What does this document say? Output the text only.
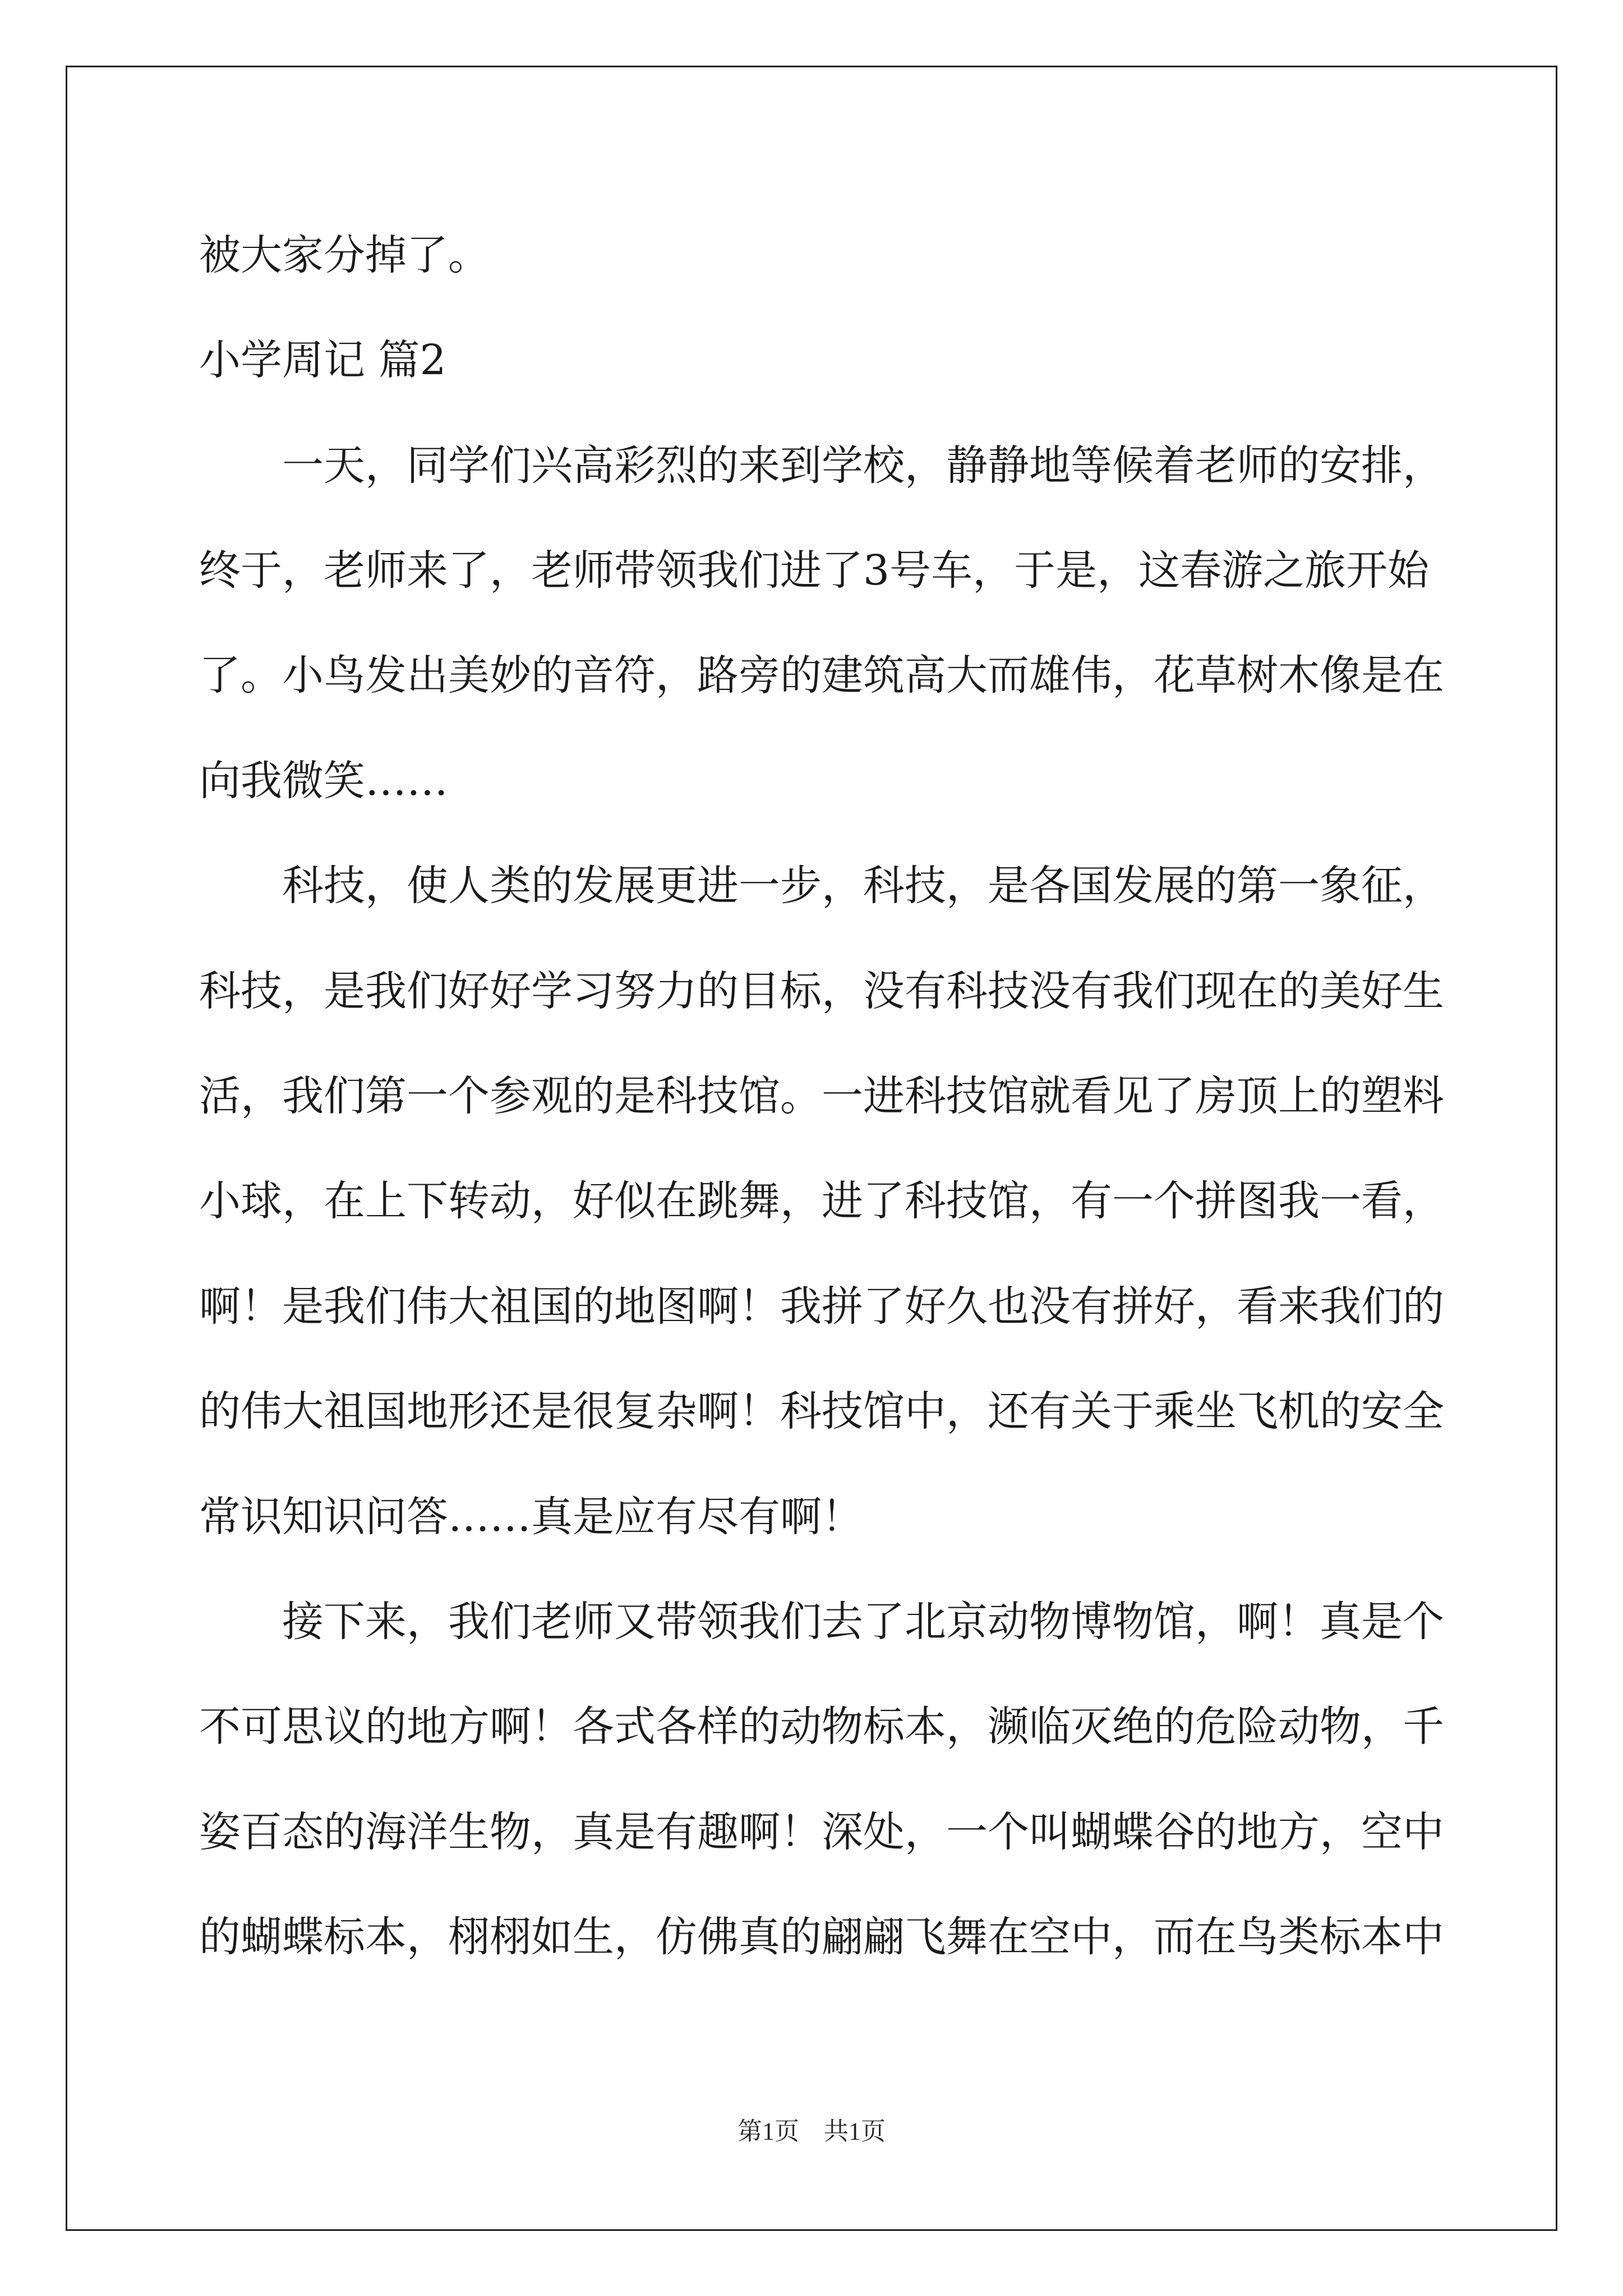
被大家分掉了。
小学周记 篇2
　　一天，同学们兴高彩烈的来到学校，静静地等候着老师的安排，
终于，老师来了，老师带领我们进了3号车，于是，这春游之旅开始
了。小鸟发出美妙的音符，路旁的建筑高大而雄伟，花草树木像是在
向我微笑……
　　科技，使人类的发展更进一步，科技，是各国发展的第一象征，
科技，是我们好好学习努力的目标，没有科技没有我们现在的美好生
活，我们第一个参观的是科技馆。一进科技馆就看见了房顶上的塑料
小球，在上下转动，好似在跳舞，进了科技馆，有一个拼图我一看，
啊！是我们伟大祖国的地图啊！我拼了好久也没有拼好，看来我们的
的伟大祖国地形还是很复杂啊！科技馆中，还有关于乘坐飞机的安全
常识知识问答……真是应有尽有啊！
　　接下来，我们老师又带领我们去了北京动物博物馆，啊！真是个
不可思议的地方啊！各式各样的动物标本，濒临灭绝的危险动物，千
姿百态的海洋生物，真是有趣啊！深处，一个叫蝴蝶谷的地方，空中
的蝴蝶标本，栩栩如生，仿佛真的翩翩飞舞在空中，而在鸟类标本中
第1页　共1页
